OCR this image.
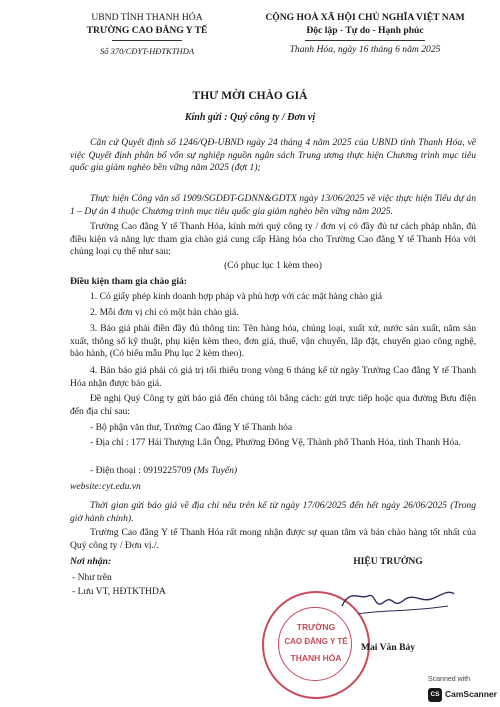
UBND TỈNH THANH HÓA
TRƯỜNG CAO ĐẲNG Y TẾ
Số 370/CĐYT-HĐTKTHDA
CỘNG HOÀ XÃ HỘI CHỦ NGHĨA VIỆT NAM
Độc lập - Tự do - Hạnh phúc
Thanh Hóa, ngày 16 tháng 6 năm 2025
THƯ MỜI CHÀO GIÁ
Kính gửi : Quý công ty / Đơn vị
Căn cứ Quyết định số 1246/QĐ-UBND ngày 24 tháng 4 năm 2025 của UBND tỉnh Thanh Hóa, về việc Quyết định phân bổ vốn sự nghiệp nguồn ngân sách Trung ương thực hiện Chương trình mục tiêu quốc gia giảm nghèo bền vững năm 2025 (đợt 1);
Thực hiện Công văn số 1909/SGDĐT-GDNN&GDTX ngày 13/06/2025 về việc thực hiện Tiểu dự án 1 – Dự án 4 thuộc Chương trình mục tiêu quốc gia giảm nghèo bền vững năm 2025.
Trường Cao đẳng Y tế Thanh Hóa, kính mời quý công ty / đơn vị có đầy đủ tư cách pháp nhân, đủ điều kiện và năng lực tham gia chào giá cung cấp Hàng hóa cho Trường Cao đẳng Y tế Thanh Hóa với chủng loại cụ thể như sau:
(Có phục lục 1 kèm theo)
Điều kiện tham gia chào giá:
1. Có giấy phép kinh doanh hợp pháp và phù hợp với các mặt hàng chào giá
2. Mỗi đơn vị chỉ có một bản chào giá.
3. Báo giá phải điền đầy đủ thông tin: Tên hàng hóa, chủng loại, xuất xứ, nước sản xuất, năm sản xuất, thông số kỹ thuật, phụ kiện kèm theo, đơn giá, thuế, vận chuyển, lắp đặt, chuyển giao công nghệ, bảo hành, (Có biểu mẫu Phụ lục 2 kèm theo).
4. Bản báo giá phải có giá trị tối thiểu trong vòng 6 tháng kể từ ngày Trường Cao đẳng Y tế Thanh Hóa nhận được báo giá.
Đề nghị Quý Công ty gửi báo giá đến chúng tôi bằng cách: gửi trực tiếp hoặc qua đường Bưu điện đến địa chỉ sau:
- Bộ phận văn thư, Trường Cao đẳng Y tế Thanh hóa
- Địa chỉ : 177 Hải Thượng Lãn Ông, Phường Đông Vệ, Thành phố Thanh Hóa, tỉnh Thanh Hóa.
- Điện thoại : 0919225709 (Ms Tuyến)
website:cyt.edu.vn
Thời gian gửi báo giá về địa chỉ nêu trên kể từ ngày 17/06/2025 đến hết ngày 26/06/2025 (Trong giờ hành chính).
Trường Cao đẳng Y tế Thanh Hóa rất mong nhận được sự quan tâm và bản chào hàng tốt nhất của Quý công ty / Đơn vị./.
Nơi nhận:
- Như trên
- Lưu VT, HĐTKTHDA
HIỆU TRƯỞNG
TRƯỜNG
CAO ĐẲNG Y TẾ
THANH HÓA
Mai Văn Bảy
Scanned with
CS CamScanner
